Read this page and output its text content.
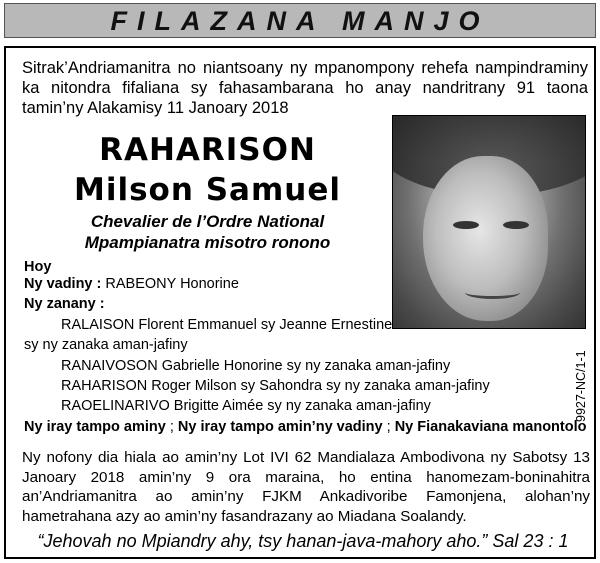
FILAZANA MANJO
Sitrak’Andriamanitra no niantsoany ny mpanompony rehefa nampindraminy ka nitondra fifaliana sy fahasambarana ho anay nandritrany 91 taona tamin’ny Alakamisy 11 Janoary 2018
RAHARISON
Milson Samuel
Chevalier de l’Ordre National
Mpampianatra misotro ronono
9927-NC/1-1
Hoy
Ny vadiny : RABEONY Honorine
Ny zanany :
RALAISON Florent Emmanuel sy Jeanne Ernestine
sy ny zanaka aman-jafiny
RANAIVOSON Gabrielle Honorine sy ny zanaka aman-jafiny
RAHARISON Roger Milson sy Sahondra sy ny zanaka aman-jafiny
RAOELINARIVO Brigitte Aimée sy ny zanaka aman-jafiny
Ny iray tampo aminy ; Ny iray tampo amin’ny vadiny ; Ny Fianakaviana manontolo
Ny nofony dia hiala ao amin’ny Lot IVI 62 Mandialaza Ambodivona ny Sabotsy 13 Janoary 2018 amin’ny 9 ora maraina, ho entina hanomezam-boninahitra an’Andriamanitra ao amin’ny FJKM Ankadivoribe Famonjena, alohan’ny hametrahana azy ao amin’ny fasandrazany ao Miadana Soalandy.
“Jehovah no Mpiandry ahy, tsy hanan-java-mahory aho.” Sal 23 : 1
